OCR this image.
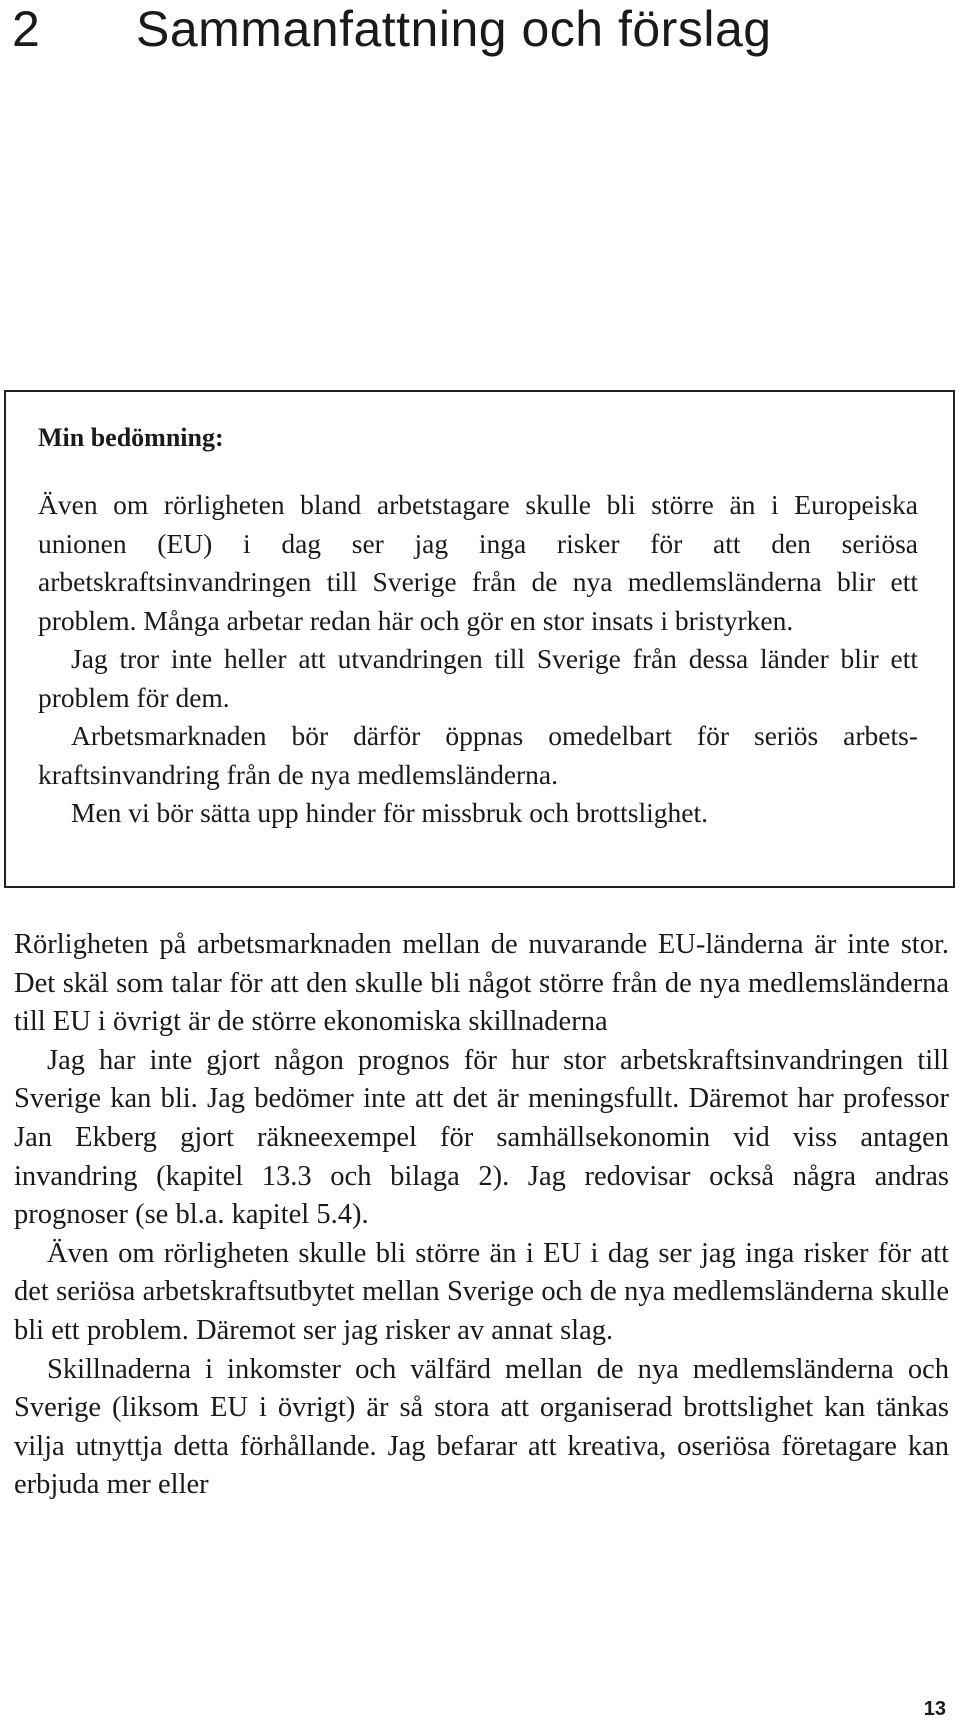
2 Sammanfattning och förslag
Min bedömning:

Även om rörligheten bland arbetstagare skulle bli större än i Europeiska unionen (EU) i dag ser jag inga risker för att den seriösa arbetskraftsinvandringen till Sverige från de nya medlemsländerna blir ett problem. Många arbetar redan här och gör en stor insats i bristyrken.

Jag tror inte heller att utvandringen till Sverige från dessa länder blir ett problem för dem.

Arbetsmarknaden bör därför öppnas omedelbart för seriös arbetskraftsinvandring från de nya medlemsländerna.

Men vi bör sätta upp hinder för missbruk och brottslighet.

Rörligheten på arbetsmarknaden mellan de nuvarande EU-länderna är inte stor. Det skäl som talar för att den skulle bli något större från de nya medlemsländerna till EU i övrigt är de större ekonomiska skillnaderna

Jag har inte gjort någon prognos för hur stor arbetskraftsinvandringen till Sverige kan bli. Jag bedömer inte att det är meningsfullt. Däremot har professor Jan Ekberg gjort räkneexempel för samhällsekonomin vid viss antagen invandring (kapitel 13.3 och bilaga 2). Jag redovisar också några andras prognoser (se bl.a. kapitel 5.4).

Även om rörligheten skulle bli större än i EU i dag ser jag inga risker för att det seriösa arbetskraftsutbytet mellan Sverige och de nya medlemsländerna skulle bli ett problem. Däremot ser jag risker av annat slag.

Skillnaderna i inkomster och välfärd mellan de nya medlemsländerna och Sverige (liksom EU i övrigt) är så stora att organiserad brottslighet kan tänkas vilja utnyttja detta förhållande. Jag befarar att kreativa, oseriösa företagare kan erbjuda mer eller

13
